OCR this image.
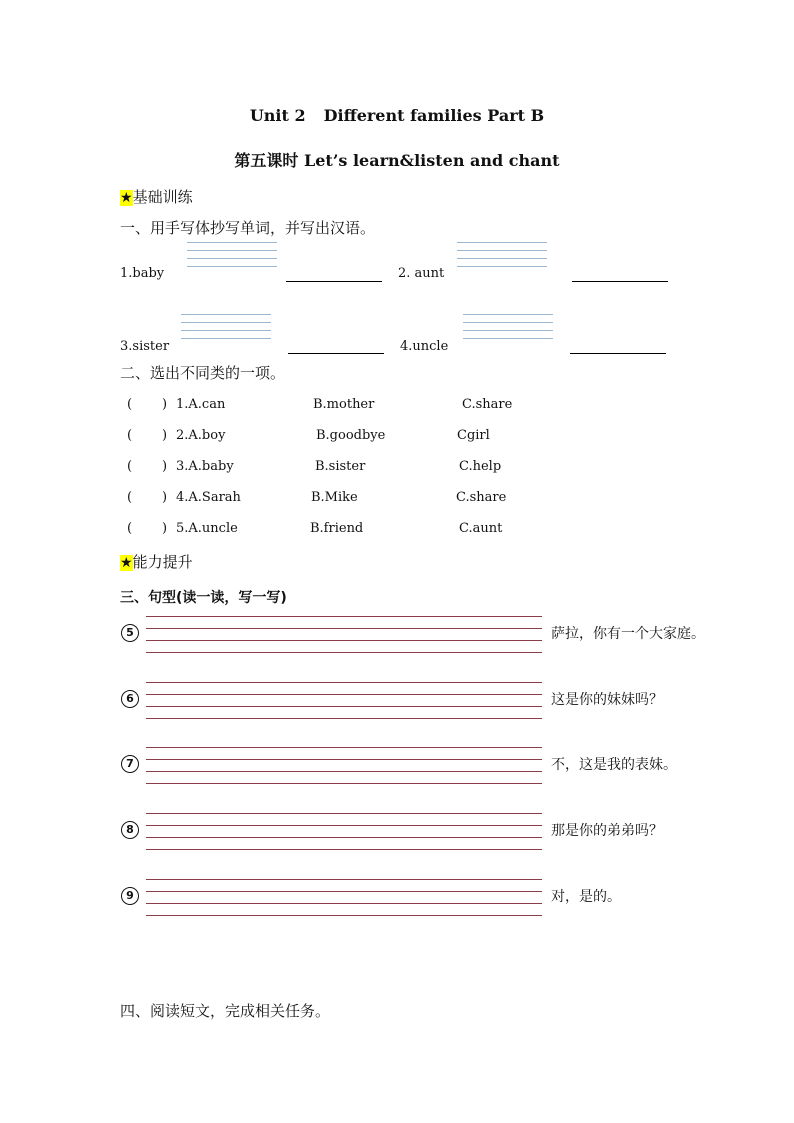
Unit 2 Different families Part B
第五课时 Let’s learn&listen and chant
★基础训练
一、用手写体抄写单词，并写出汉语。
1.baby	2. aunt
3.sister	4.uncle
二、选出不同类的一项。
( ) 1.A.can	B.mother	C.share
( ) 2.A.boy	B.goodbye	Cgirl
( ) 3.A.baby	B.sister	C.help
( ) 4.A.Sarah	B.Mike	C.share
( ) 5.A.uncle	B.friend	C.aunt
★能力提升
三、句型(读一读，写一写)
5	萨拉，你有一个大家庭。
6	这是你的妹妹吗？
7	不，这是我的表妹。
8	那是你的弟弟吗？
9	对，是的。
四、阅读短文，完成相关任务。
